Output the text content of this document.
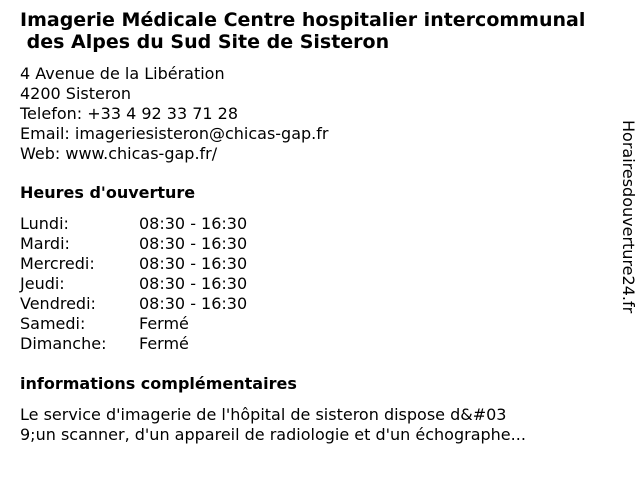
Imagerie Médicale Centre hospitalier intercommunal
des Alpes du Sud Site de Sisteron
4 Avenue de la Libération
4200 Sisteron
Telefon: +33 4 92 33 71 28
Email: imageriesisteron@chicas-gap.fr
Web: www.chicas-gap.fr/
Heures d'ouverture
Lundi:	08:30 - 16:30
Mardi:	08:30 - 16:30
Mercredi:	08:30 - 16:30
Jeudi:	08:30 - 16:30
Vendredi:	08:30 - 16:30
Samedi:	Fermé
Dimanche:	Fermé
informations complémentaires
Le service d'imagerie de l'hôpital de sisteron dispose d&#03
9;un scanner, d'un appareil de radiologie et d'un échographe...
Horairesdouverture24.fr
